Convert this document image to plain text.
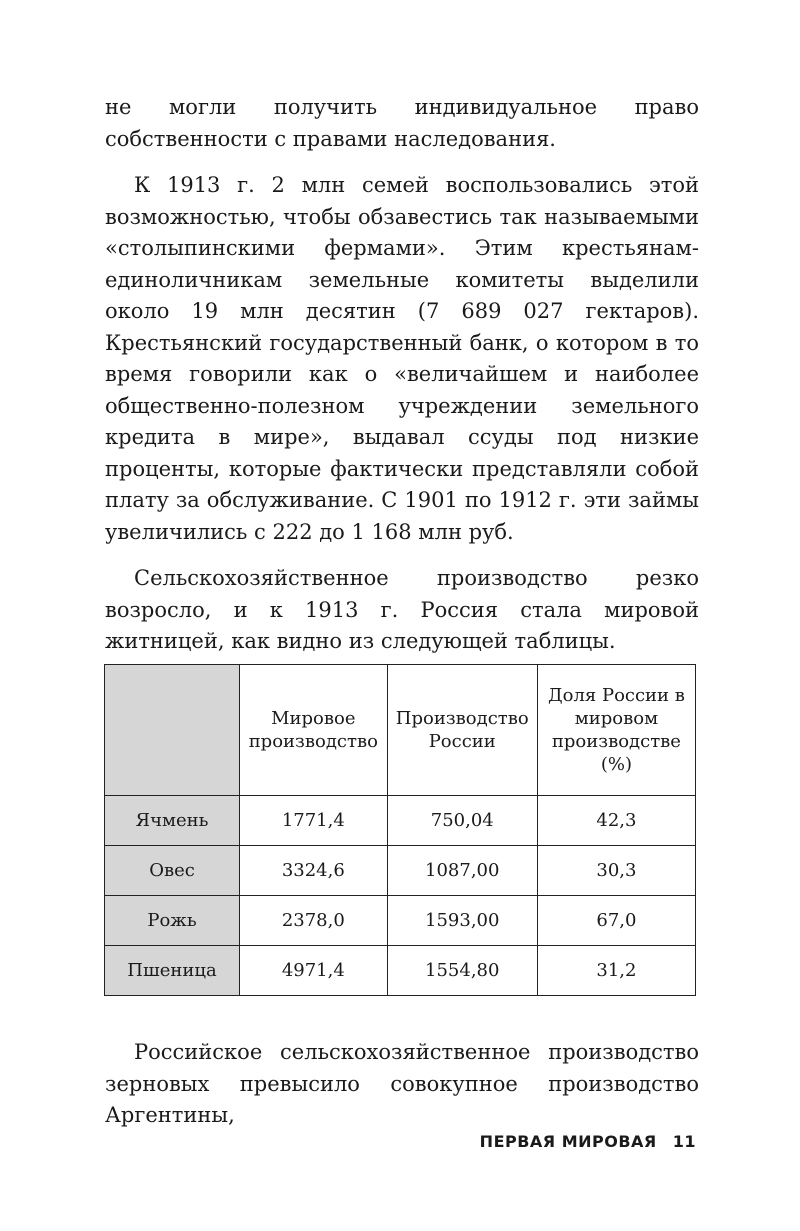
не могли получить индивидуальное право собственности с правами наследования.

К 1913 г. 2 млн семей воспользовались этой возможностью, чтобы обзавестись так называемыми «столыпинскими фермами». Этим крестьянам-единоличникам земельные комитеты выделили около 19 млн десятин (7 689 027 гектаров). Крестьянский государственный банк, о котором в то время говорили как о «величайшем и наиболее общественно-полезном учреждении земельного кредита в мире», выдавал ссуды под низкие проценты, которые фактически представляли собой плату за обслуживание. С 1901 по 1912 г. эти займы увеличились с 222 до 1 168 млн руб.

Сельскохозяйственное производство резко возросло, и к 1913 г. Россия стала мировой житницей, как видно из следующей таблицы.

	Мировое производство	Производство России	Доля России в мировом производстве (%)
Ячмень	1771,4	750,04	42,3
Овес	3324,6	1087,00	30,3
Рожь	2378,0	1593,00	67,0
Пшеница	4971,4	1554,80	31,2

Российское сельскохозяйственное производство зерновых превысило совокупное производство Аргентины,

ПЕРВАЯ МИРОВАЯ 11
